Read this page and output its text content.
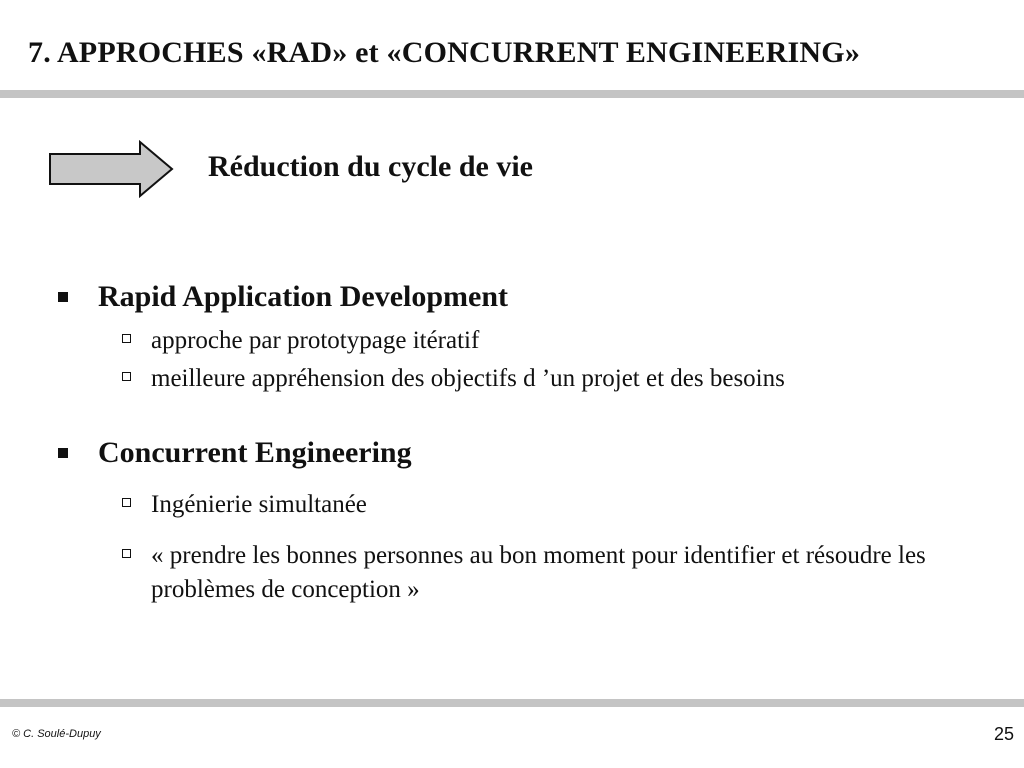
7. APPROCHES «RAD» et «CONCURRENT ENGINEERING»
Réduction du cycle de vie
Rapid Application Development
approche par prototypage itératif
meilleure appréhension des objectifs d ’un projet et des besoins
Concurrent Engineering
Ingénierie simultanée
« prendre les bonnes personnes au bon moment pour identifier et résoudre les problèmes de conception »
© C. Soulé-Dupuy	25
